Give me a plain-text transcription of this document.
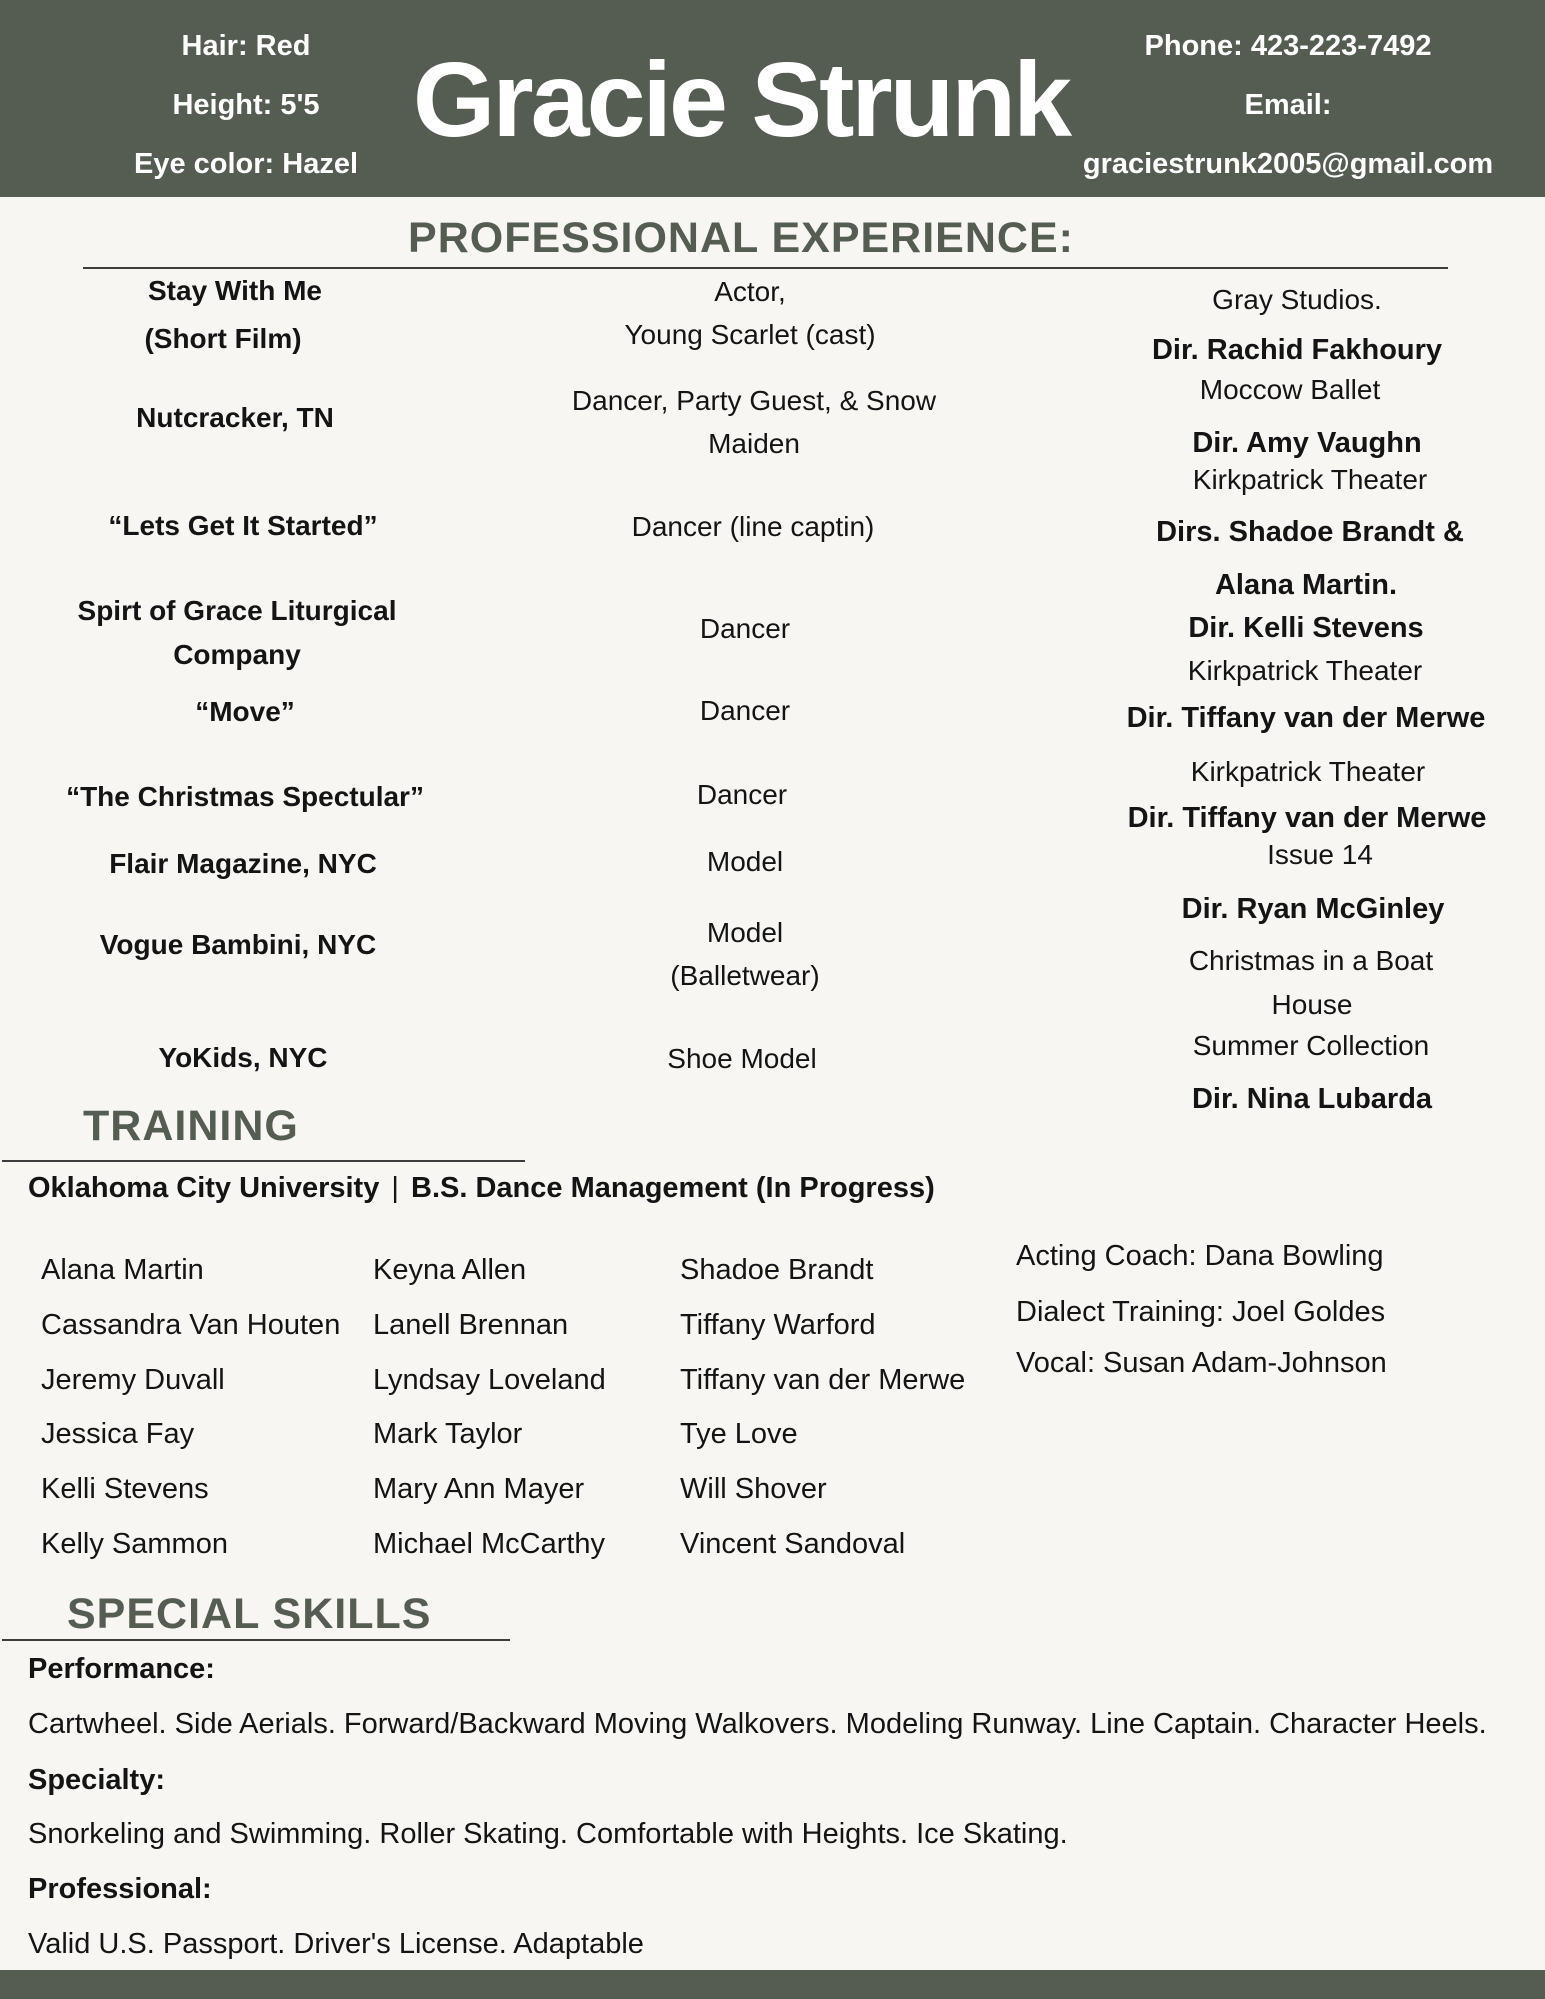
Hair: Red
Height: 5'5
Eye color: Hazel
Gracie Strunk	Phone: 423-223-7492
Email:
graciestrunk2005@gmail.com
PROFESSIONAL EXPERIENCE:
Stay With Me
(Short Film)
Nutcracker, TN
“Lets Get It Started”
Spirt of Grace Liturgical
Company
“Move”
“The Christmas Spectular”
Flair Magazine, NYC
Vogue Bambini, NYC
YoKids, NYC
Actor,
Young Scarlet (cast)
Dancer, Party Guest, & Snow
Maiden
Dancer (line captin)
Dancer
Dancer
Dancer
Model
Model
(Balletwear)
Shoe Model
Gray Studios.
Dir. Rachid Fakhoury
Moccow Ballet
Dir. Amy Vaughn
Kirkpatrick Theater
Dirs. Shadoe Brandt &
Alana Martin.
Dir. Kelli Stevens
Kirkpatrick Theater
Dir. Tiffany van der Merwe
Kirkpatrick Theater
Dir. Tiffany van der Merwe
Issue 14
Dir. Ryan McGinley
Christmas in a Boat
House
Summer Collection
Dir. Nina Lubarda
TRAINING
Oklahoma City University | B.S. Dance Management (In Progress)
Alana Martin
Cassandra Van Houten
Jeremy Duvall
Jessica Fay
Kelli Stevens
Kelly Sammon
Keyna Allen
Lanell Brennan
Lyndsay Loveland
Mark Taylor
Mary Ann Mayer
Michael McCarthy
Shadoe Brandt
Tiffany Warford
Tiffany van der Merwe
Tye Love
Will Shover
Vincent Sandoval
Acting Coach: Dana Bowling
Dialect Training: Joel Goldes
Vocal: Susan Adam-Johnson
SPECIAL SKILLS
Performance:
Cartwheel. Side Aerials. Forward/Backward Moving Walkovers. Modeling Runway. Line Captain. Character Heels.
Specialty:
Snorkeling and Swimming. Roller Skating. Comfortable with Heights. Ice Skating.
Professional:
Valid U.S. Passport. Driver's License. Adaptable
